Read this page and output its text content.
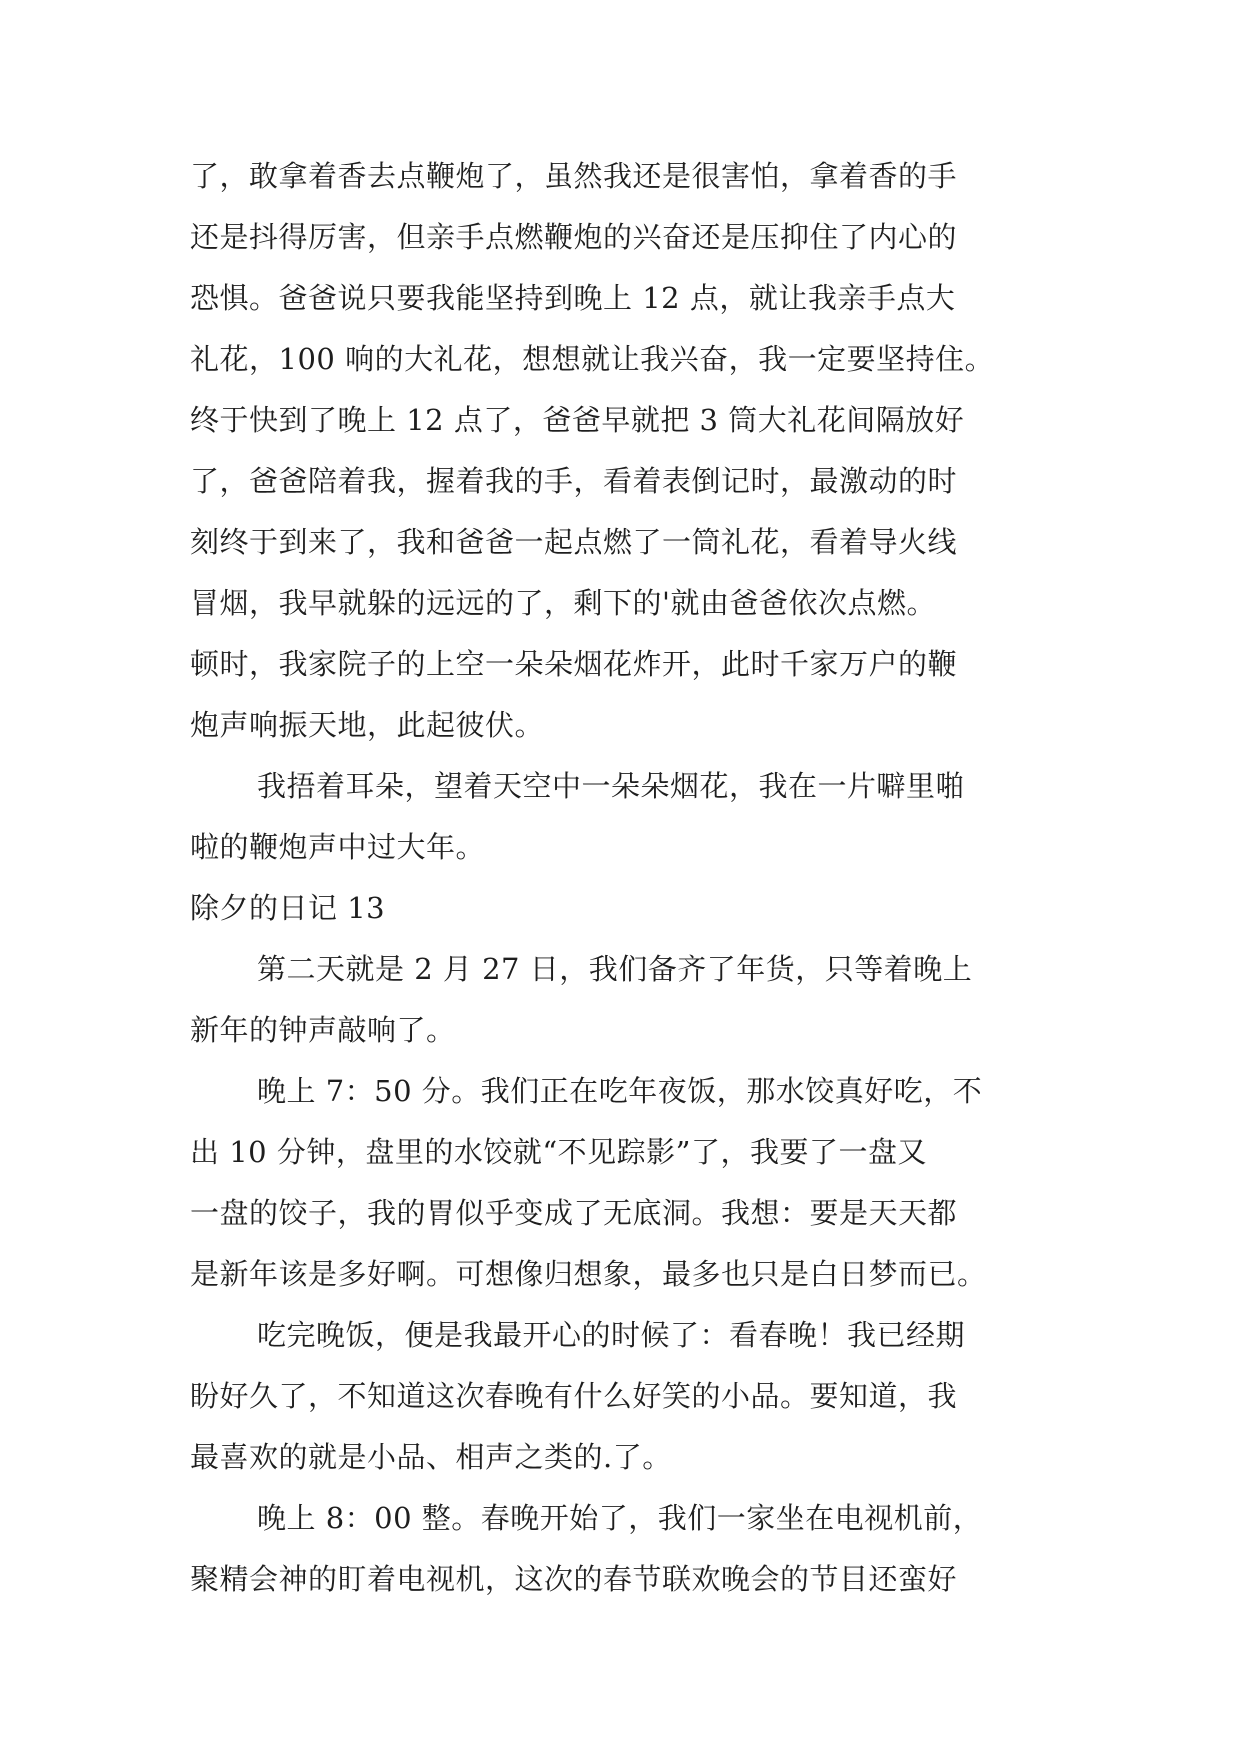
了，敢拿着香去点鞭炮了，虽然我还是很害怕，拿着香的手
还是抖得厉害，但亲手点燃鞭炮的兴奋还是压抑住了内心的
恐惧。爸爸说只要我能坚持到晚上 12 点，就让我亲手点大
礼花，100 响的大礼花，想想就让我兴奋，我一定要坚持住。
终于快到了晚上 12 点了，爸爸早就把 3 筒大礼花间隔放好
了，爸爸陪着我，握着我的手，看着表倒记时，最激动的时
刻终于到来了，我和爸爸一起点燃了一筒礼花，看着导火线
冒烟，我早就躲的远远的了，剩下的'就由爸爸依次点燃。
顿时，我家院子的上空一朵朵烟花炸开，此时千家万户的鞭
炮声响振天地，此起彼伏。
我捂着耳朵，望着天空中一朵朵烟花，我在一片噼里啪
啦的鞭炮声中过大年。
除夕的日记 13
第二天就是 2 月 27 日，我们备齐了年货，只等着晚上
新年的钟声敲响了。
晚上 7：50 分。我们正在吃年夜饭，那水饺真好吃，不
出 10 分钟，盘里的水饺就“不见踪影”了，我要了一盘又
一盘的饺子，我的胃似乎变成了无底洞。我想：要是天天都
是新年该是多好啊。可想像归想象，最多也只是白日梦而已。
吃完晚饭，便是我最开心的时候了：看春晚！我已经期
盼好久了，不知道这次春晚有什么好笑的小品。要知道，我
最喜欢的就是小品、相声之类的.了。
晚上 8：00 整。春晚开始了，我们一家坐在电视机前，
聚精会神的盯着电视机，这次的春节联欢晚会的节目还蛮好
